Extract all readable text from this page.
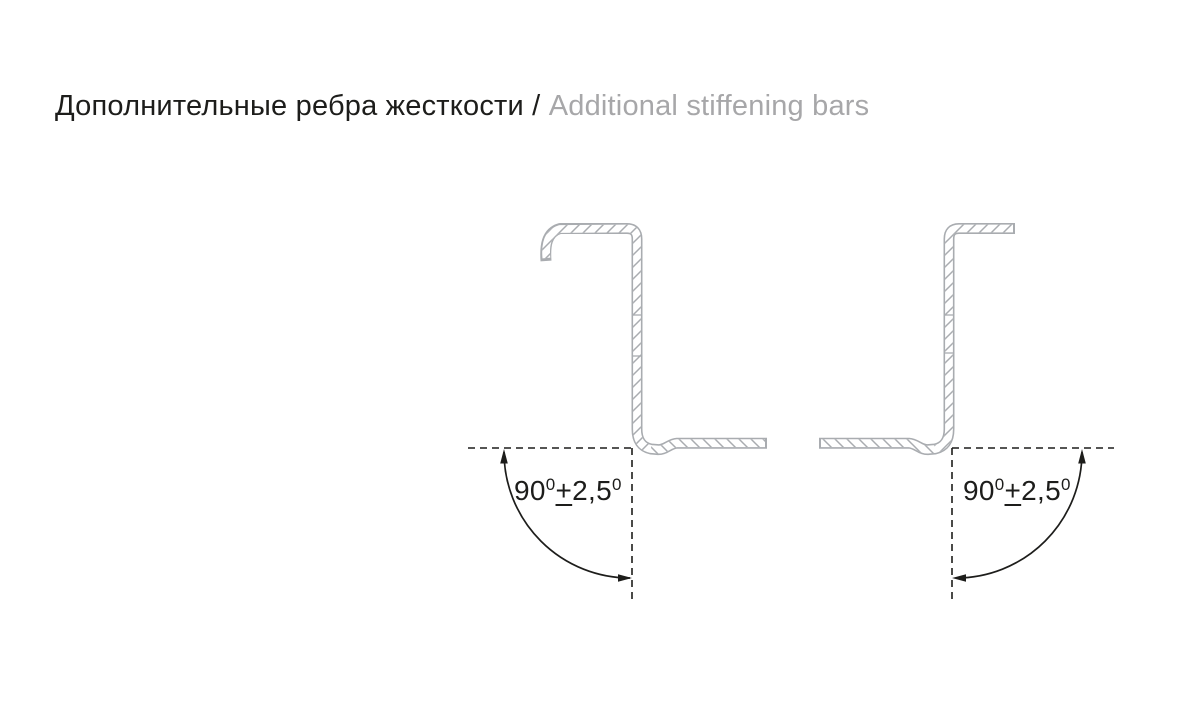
Дополнительные ребра жесткости / Additional stiffening bars
$90^0+2,5^0$	$90^0+2,5^0$
